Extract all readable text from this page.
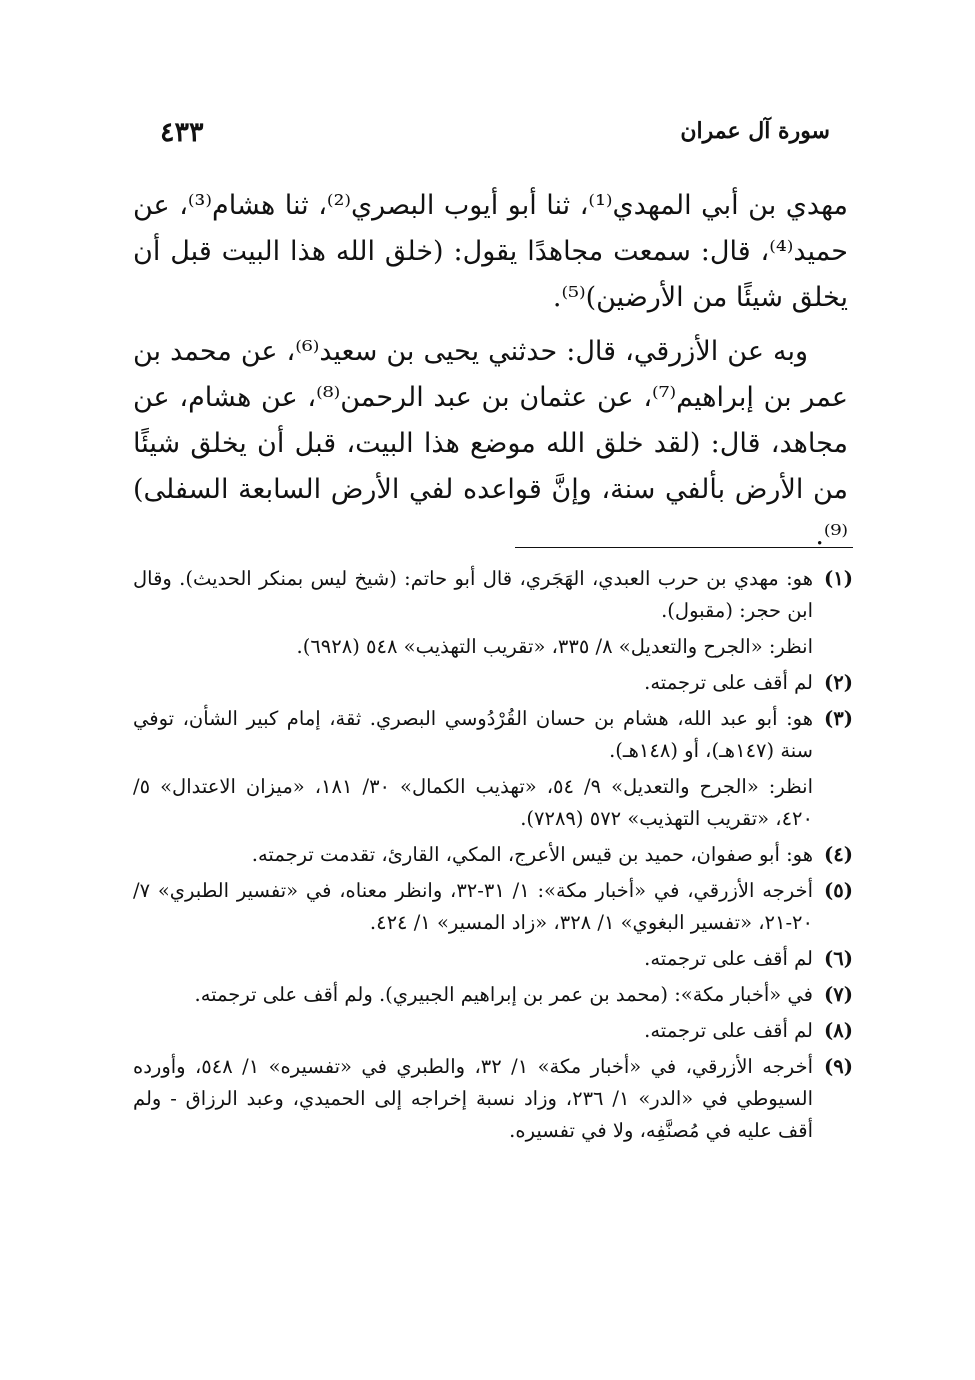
سورة آل عمران
٤٣٣

مهدي بن أبي المهدي⁽¹⁾، ثنا أبو أيوب البصري⁽²⁾، ثنا هشام⁽³⁾، عن حميد⁽⁴⁾، قال: سمعت مجاهدًا يقول: (خلق الله هذا البيت قبل أن يخلق شيئًا من الأرضين)⁽⁵⁾.

وبه عن الأزرقي، قال: حدثني يحيى بن سعيد⁽⁶⁾، عن محمد بن عمر بن إبراهيم⁽⁷⁾، عن عثمان بن عبد الرحمن⁽⁸⁾، عن هشام، عن مجاهد، قال: (لقد خلق الله موضع هذا البيت، قبل أن يخلق شيئًا من الأرض بألفي سنة، وإنَّ قواعده لفي الأرض السابعة السفلى)⁽⁹⁾.

(١)
هو: مهدي بن حرب العبدي، الهَجَري، قال أبو حاتم: (شيخ ليس بمنكر الحديث). وقال ابن حجر: (مقبول).
انظر: «الجرح والتعديل» ٨/ ٣٣٥، «تقريب التهذيب» ٥٤٨ (٦٩٢٨).
(٢)
لم أقف على ترجمته.
(٣)
هو: أبو عبد الله، هشام بن حسان القُرْدُوسي البصري. ثقة، إمام كبير الشأن، توفي سنة (١٤٧هـ)، أو (١٤٨هـ).
انظر: «الجرح والتعديل» ٩/ ٥٤، «تهذيب الكمال» ٣٠/ ١٨١، «ميزان الاعتدال» ٥/ ٤٢٠، «تقريب التهذيب» ٥٧٢ (٧٢٨٩).
(٤)
هو: أبو صفوان، حميد بن قيس الأعرج، المكي، القارئ، تقدمت ترجمته.
(٥)
أخرجه الأزرقي، في «أخبار مكة»: ١/ ٣١-٣٢، وانظر معناه، في «تفسير الطبري» ٧/ ٢٠-٢١، «تفسير البغوي» ١/ ٣٢٨، «زاد المسير» ١/ ٤٢٤.
(٦)
لم أقف على ترجمته.
(٧)
في «أخبار مكة»: (محمد بن عمر بن إبراهيم الجبيري). ولم أقف على ترجمته.
(٨)
لم أقف على ترجمته.
(٩)
أخرجه الأزرقي، في «أخبار مكة» ١/ ٣٢، والطبري في «تفسيره» ١/ ٥٤٨، وأورده السيوطي في «الدر» ١/ ٢٣٦، وزاد نسبة إخراجه إلى الحميدي، وعبد الرزاق - ولم أقف عليه في مُصنَّفِه، ولا في تفسيره.
